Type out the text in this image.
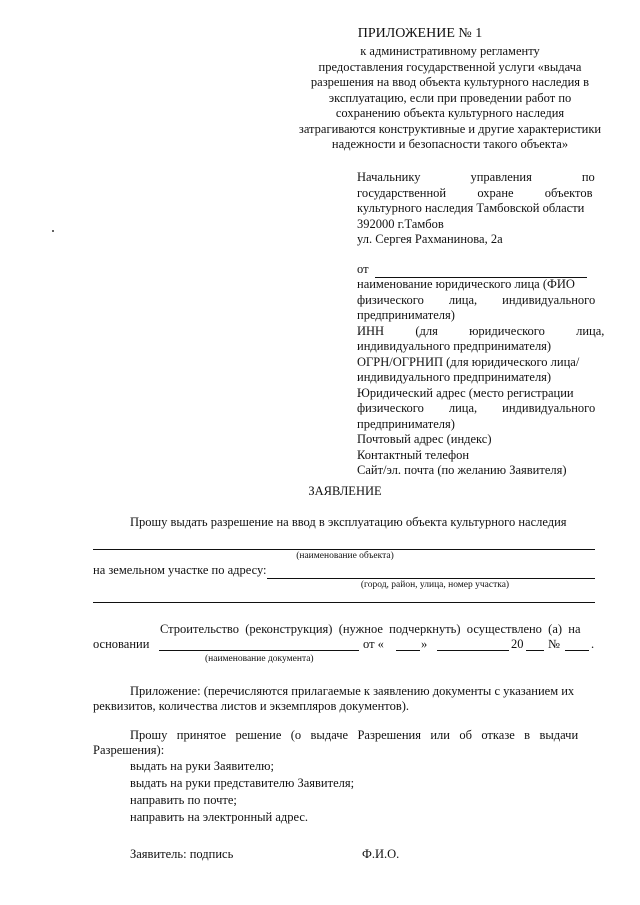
ПРИЛОЖЕНИЕ № 1
к административному регламенту
предоставления государственной услуги «выдача
разрешения на ввод объекта культурного наследия в
эксплуатацию, если при проведении работ по
сохранению объекта культурного наследия
затрагиваются конструктивные и другие характеристики
надежности и безопасности такого объекта»
Начальнику                управления                по
государственной          охране          объектов
культурного наследия Тамбовской области
392000 г.Тамбов
ул. Сергея Рахманинова, 2а
от
наименование юридического лица (ФИО
физического        лица,        индивидуального
предпринимателя)
ИНН          (для          юридического          лица,
индивидуального предпринимателя)
ОГРН/ОГРНИП (для юридического лица/
индивидуального предпринимателя)
Юридический адрес (место регистрации
физического        лица,        индивидуального
предпринимателя)
Почтовый адрес (индекс)
Контактный телефон
Сайт/эл. почта (по желанию Заявителя)
ЗАЯВЛЕНИЕ
Прошу выдать разрешение на ввод в эксплуатацию объекта культурного наследия
(наименование объекта)
на земельном участке по адресу:
(город, район, улица, номер участка)
Строительство  (реконструкция)  (нужное  подчеркнуть)  осуществлено  (а)  на
основании	от «	»	20 № .
(наименование документа)
Приложение: (перечисляются прилагаемые к заявлению документы с указанием их
реквизитов, количества листов и экземпляров документов).
Прошу   принятое   решение   (о   выдаче   Разрешения   или   об   отказе   в   выдачи
Разрешения):
выдать на руки Заявителю;
выдать на руки представителю Заявителя;
направить по почте;
направить на электронный адрес.
Заявитель: подпись	Ф.И.О.
